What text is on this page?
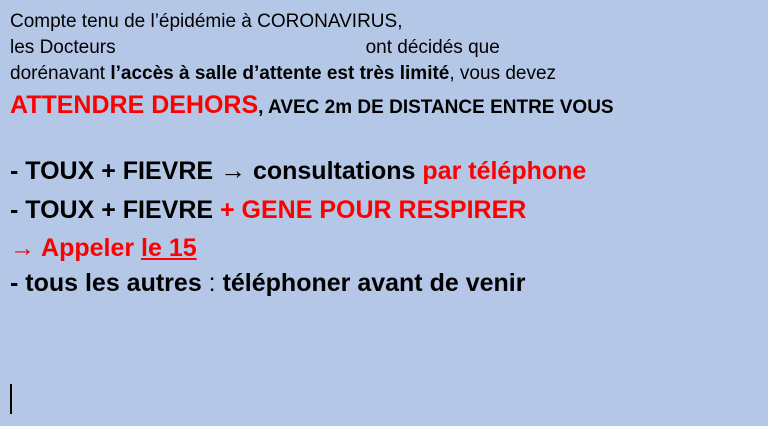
Compte tenu de l’épidémie à CORONAVIRUS,
les Docteurs	ont décidés que
dorénavant l’accès à salle d’attente est très limité, vous devez
ATTENDRE DEHORS, AVEC 2m DE DISTANCE ENTRE VOUS
- TOUX + FIEVRE → consultations par téléphone
- TOUX + FIEVRE + GENE POUR RESPIRER
→ Appeler le 15
- tous les autres : téléphoner avant de venir
